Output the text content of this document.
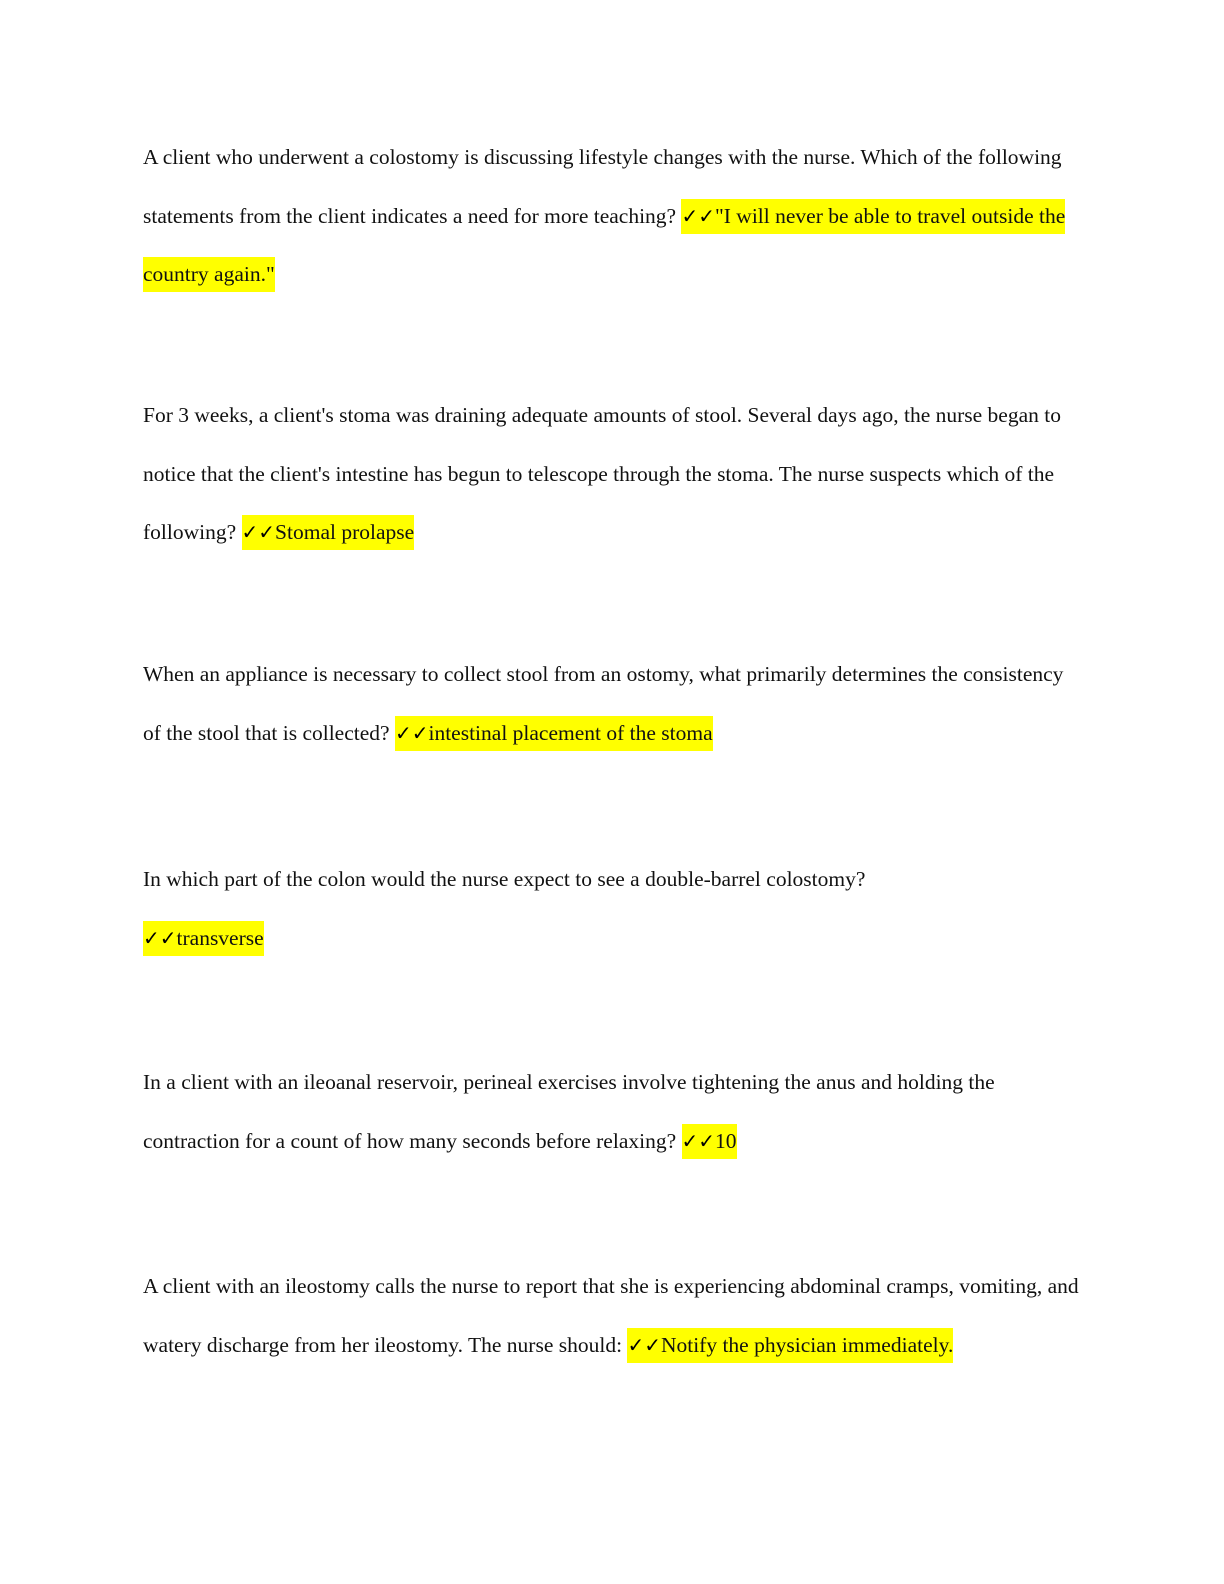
A client who underwent a colostomy is discussing lifestyle changes with the nurse. Which of the following statements from the client indicates a need for more teaching? ✓✓"I will never be able to travel outside the country again."

For 3 weeks, a client's stoma was draining adequate amounts of stool. Several days ago, the nurse began to notice that the client's intestine has begun to telescope through the stoma. The nurse suspects which of the following? ✓✓Stomal prolapse

When an appliance is necessary to collect stool from an ostomy, what primarily determines the consistency of the stool that is collected? ✓✓intestinal placement of the stoma

In which part of the colon would the nurse expect to see a double-barrel colostomy?
✓✓transverse

In a client with an ileoanal reservoir, perineal exercises involve tightening the anus and holding the contraction for a count of how many seconds before relaxing? ✓✓10

A client with an ileostomy calls the nurse to report that she is experiencing abdominal cramps, vomiting, and watery discharge from her ileostomy. The nurse should: ✓✓Notify the physician immediately.
